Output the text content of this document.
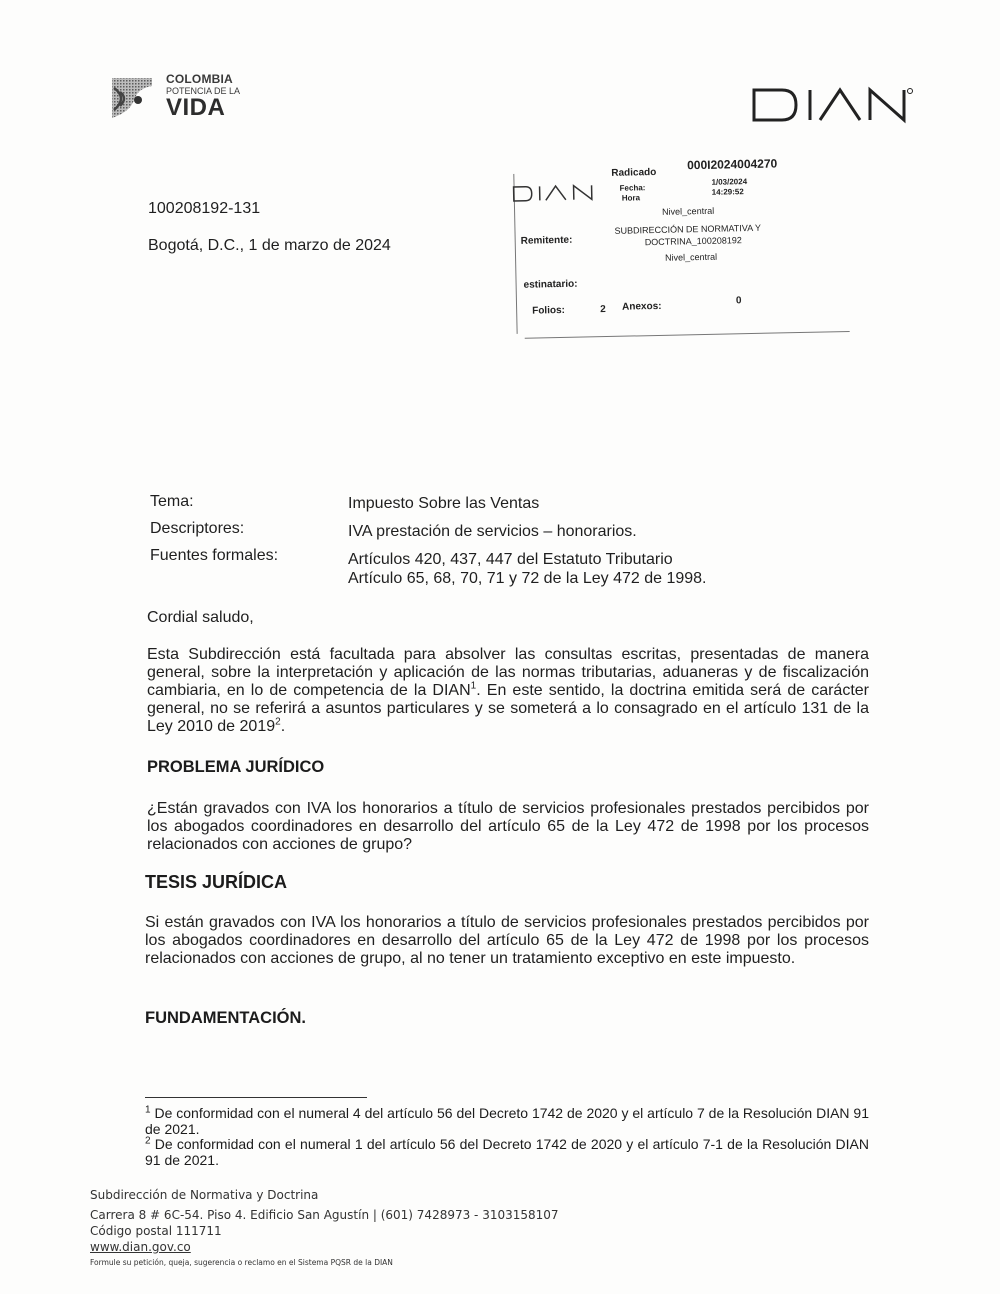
COLOMBIA
POTENCIA DE LA
VIDA
100208192-131
Bogotá, D.C., 1 de marzo de 2024
Radicado
000I2024004270
Fecha:
1/03/2024
Hora
14:29:52
Nivel_central
Remitente:
SUBDIRECCIÓN DE NORMATIVA Y
DOCTRINA_100208192
Nivel_central
estinatario:
Folios:	2 Anexos:
0
Tema:	Impuesto Sobre las Ventas
Descriptores:	IVA prestación de servicios – honorarios.
Fuentes formales:	Artículos 420, 437, 447 del Estatuto Tributario
Artículo 65, 68, 70, 71 y 72 de la Ley 472 de 1998.
Cordial saludo,
Esta Subdirección está facultada para absolver las consultas escritas, presentadas de manera general, sobre la interpretación y aplicación de las normas tributarias, aduaneras y de fiscalización cambiaria, en lo de competencia de la DIAN$^1$. En este sentido, la doctrina emitida será de carácter general, no se referirá a asuntos particulares y se someterá a lo consagrado en el artículo 131 de la Ley 2010 de 2019$^2$.
PROBLEMA JURÍDICO
¿Están gravados con IVA los honorarios a título de servicios profesionales prestados percibidos por los abogados coordinadores en desarrollo del artículo 65 de la Ley 472 de 1998 por los procesos relacionados con acciones de grupo?
TESIS JURÍDICA
Si están gravados con IVA los honorarios a título de servicios profesionales prestados percibidos por los abogados coordinadores en desarrollo del artículo 65 de la Ley 472 de 1998 por los procesos relacionados con acciones de grupo, al no tener un tratamiento exceptivo en este impuesto.
FUNDAMENTACIÓN.
$^1$ De conformidad con el numeral 4 del artículo 56 del Decreto 1742 de 2020 y el artículo 7 de la Resolución DIAN 91 de 2021.
$^2$ De conformidad con el numeral 1 del artículo 56 del Decreto 1742 de 2020 y el artículo 7-1 de la Resolución DIAN 91 de 2021.
Subdirección de Normativa y Doctrina
Carrera 8 # 6C-54. Piso 4. Edificio San Agustín | (601) 7428973 - 3103158107
Código postal 111711
www.dian.gov.co
Formule su petición, queja, sugerencia o reclamo en el Sistema PQSR de la DIAN
